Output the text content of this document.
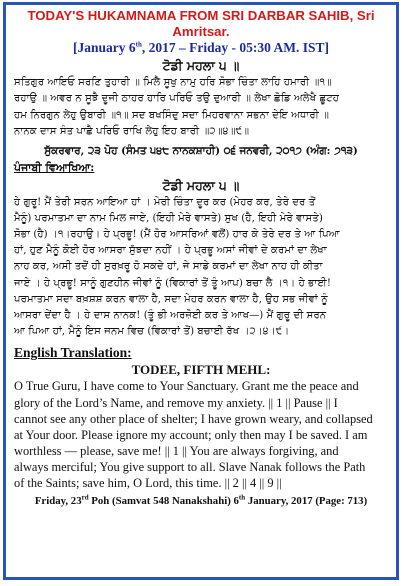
TODAY'S HUKAMNAMA FROM SRI DARBAR SAHIB, Sri Amritsar.
[January 6th, 2017 – Friday - 05:30 AM. IST]
ਟੋਡੀ ਮਹਲਾ ੫ ॥
ਸਤਿਗੁਰ ਆਇਓ ਸਰਣਿ ਤੁਹਾਰੀ ॥ ਮਿਲੈ ਸੂਖੁ ਨਾਮੁ ਹਰਿ ਸੋਭਾ ਚਿੰਤਾ ਲਾਹਿ ਹਮਾਰੀ ॥੧॥
ਰਹਾਉ ॥ ਅਵਰ ਨ ਸੂਝੈ ਦੂਜੀ ਠਾਹਰ ਹਾਰਿ ਪਰਿਓ ਤਉ ਦੁਆਰੀ ॥ ਲੇਖਾ ਛੋਡਿ ਅਲੇਖੈ ਛੂਟਹ
ਹਮ ਨਿਰਗੁਨ ਲੇਹੁ ਉਬਾਰੀ ॥੧॥ ਸਦ ਬਖਸਿੰਦੁ ਸਦਾ ਮਿਹਰਵਾਨਾ ਸਭਨਾ ਦੇਇ ਅਧਾਰੀ ॥
ਨਾਨਕ ਦਾਸ ਸੰਤ ਪਾਛੈ ਪਰਿਓ ਰਾਖਿ ਲੇਹੁ ਇਹ ਬਾਰੀ ॥੨॥੪॥੯॥
ਸੁੱਕਰਵਾਰ, ੨੩ ਪੋਹ (ਸੰਮਤ ੫੪੮ ਨਾਨਕਸ਼ਾਹੀ) ੦੬ ਜਨਵਰੀ, ੨੦੧੭ (ਅੰਗ: ੭੧੩)
ਪੰਜਾਬੀ ਵਿਆਖਿਆ:
ਟੋਡੀ ਮਹਲਾ ੫ ॥
ਹੇ ਗੁਰੂ! ਮੈਂ ਤੇਰੀ ਸਰਨ ਆਇਆ ਹਾਂ । ਮੇਰੀ ਚਿੰਤਾ ਦੂਰ ਕਰ (ਮੇਹਰ ਕਰ, ਤੇਰੇ ਦਰ ਤੋਂ
ਮੈਨੂੰ) ਪਰਮਾਤਮਾ ਦਾ ਨਾਮ ਮਿਲ ਜਾਏ, (ਇਹੀ ਮੇਰੇ ਵਾਸਤੇ) ਸੁਖ (ਹੈ, ਇਹੀ ਮੇਰੇ ਵਾਸਤੇ)
ਸੋਭਾ (ਹੈ) ।੧।ਰਹਾਉ। ਹੇ ਪ੍ਰਭੂ! (ਮੈਂ ਹੋਰ ਆਸਰਿਆਂ ਵਲੋਂ) ਹਾਰ ਕੇ ਤੇਰੇ ਦਰ ਤੇ ਆ ਪਿਆ
ਹਾਂ, ਹੁਣ ਮੈਨੂੰ ਕੋਈ ਹੋਰ ਆਸਰਾ ਸੁੱਝਦਾ ਨਹੀਂ । ਹੇ ਪ੍ਰਭੂ ਅਸਾਂ ਜੀਵਾਂ ਦੇ ਕਰਮਾਂ ਦਾ ਲੇਖਾ
ਨਾਹ ਕਰ, ਅਸੀ ਤਦੋਂ ਹੀ ਸੁਰਖ਼ਰੂ ਹੋ ਸਕਦੇ ਹਾਂ, ਜੇ ਸਾਡੇ ਕਰਮਾਂ ਦਾ ਲੇਖਾ ਨਾਹ ਹੀ ਕੀਤਾ
ਜਾਏ । ਹੇ ਪ੍ਰਭੂ! ਸਾਨੂੰ ਗੁਣਹੀਨ ਜੀਵਾਂ ਨੂੰ (ਵਿਕਾਰਾਂ ਤੋਂ ਤੂੰ ਆਪ) ਬਚਾ ਲੈ ।੧। ਹੇ ਭਾਈ!
ਪਰਮਾਤਮਾ ਸਦਾ ਬਖ਼ਸ਼ਸ਼ ਕਰਨ ਵਾਲਾ ਹੈ, ਸਦਾ ਮੇਹਰ ਕਰਨ ਵਾਲਾ ਹੈ, ਉਹ ਸਭ ਜੀਵਾਂ ਨੂੰ
ਆਸਰਾ ਦੇਂਦਾ ਹੈ । ਹੇ ਦਾਸ ਨਾਨਕ! (ਤੂੰ ਭੀ ਅਰਜ਼ੋਈ ਕਰ ਤੇ ਆਖ—) ਮੈਂ ਗੁਰੂ ਦੀ ਸਰਨ
ਆ ਪਿਆ ਹਾਂ, ਮੈਨੂੰ ਇਸ ਜਨਮ ਵਿਚ (ਵਿਕਾਰਾਂ ਤੋਂ) ਬਚਾਈ ਰੱਖ ।੨।੪।੯।
English Translation:
TODEE, FIFTH MEHL:
O True Guru, I have come to Your Sanctuary. Grant me the peace and
glory of the Lord’s Name, and remove my anxiety. || 1 || Pause || I
cannot see any other place of shelter; I have grown weary, and collapsed
at Your door. Please ignore my account; only then may I be saved. I am
worthless — please, save me! || 1 || You are always forgiving, and
always merciful; You give support to all. Slave Nanak follows the Path
of the Saints; save him, O Lord, this time. || 2 || 4 || 9 ||
Friday, 23rd Poh (Samvat 548 Nanakshahi) 6th January, 2017 (Page: 713)
